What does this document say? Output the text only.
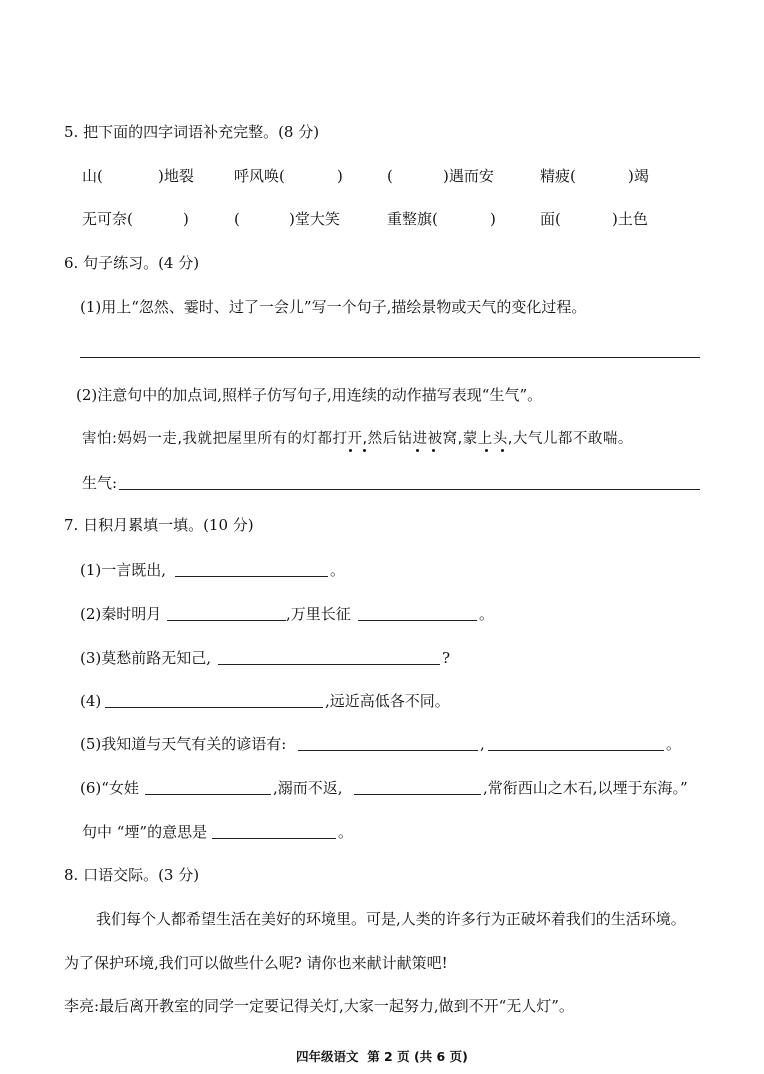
5. 把下面的四字词语补充完整。(8 分)
山(	)地裂	呼风唤(	)	(	)遇而安	精疲(	)竭
无可奈(	)	(	)堂大笑	重整旗(	)	面(	)土色
6. 句子练习。(4 分)
(1)用上“忽然、霎时、过了一会儿”写一个句子,描绘景物或天气的变化过程。
(2)注意句中的加点词,照样子仿写句子,用连续的动作描写表现“生气”。
害怕:妈妈一走,我就把屋里所有的灯都打开,然后钻进被窝,蒙上头,大气儿都不敢喘。
生气:
7. 日积月累填一填。(10 分)
(1)一言既出,	。
(2)秦时明月	,万里长征	。
(3)莫愁前路无知己,	?
(4)	,远近高低各不同。
(5)我知道与天气有关的谚语有:	,	。
(6)“女娃	,溺而不返,	,常衔西山之木石,以堙于东海。”
句中 “堙”的意思是	。
8. 口语交际。(3 分)
我们每个人都希望生活在美好的环境里。可是,人类的许多行为正破坏着我们的生活环境。
为了保护环境,我们可以做些什么呢? 请你也来献计献策吧!
李亮:最后离开教室的同学一定要记得关灯,大家一起努力,做到不开“无人灯”。
四年级语文  第 2 页 (共 6 页)
